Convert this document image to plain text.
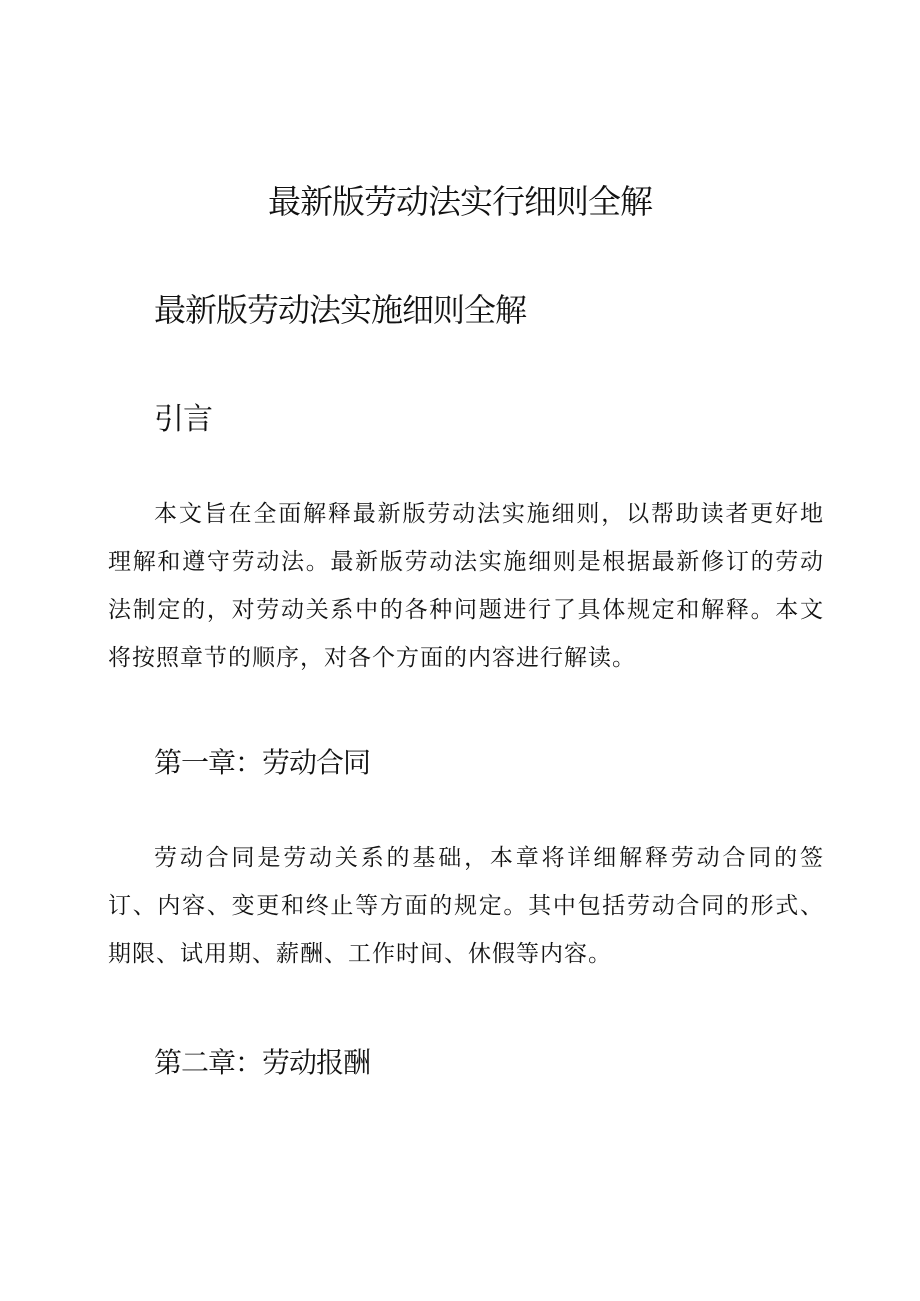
最新版劳动法实行细则全解
最新版劳动法实施细则全解
引言

本文旨在全面解释最新版劳动法实施细则，以帮助读者更好地理解和遵守劳动法。最新版劳动法实施细则是根据最新修订的劳动法制定的，对劳动关系中的各种问题进行了具体规定和解释。本文将按照章节的顺序，对各个方面的内容进行解读。

第一章：劳动合同

劳动合同是劳动关系的基础，本章将详细解释劳动合同的签订、内容、变更和终止等方面的规定。其中包括劳动合同的形式、期限、试用期、薪酬、工作时间、休假等内容。

第二章：劳动报酬
